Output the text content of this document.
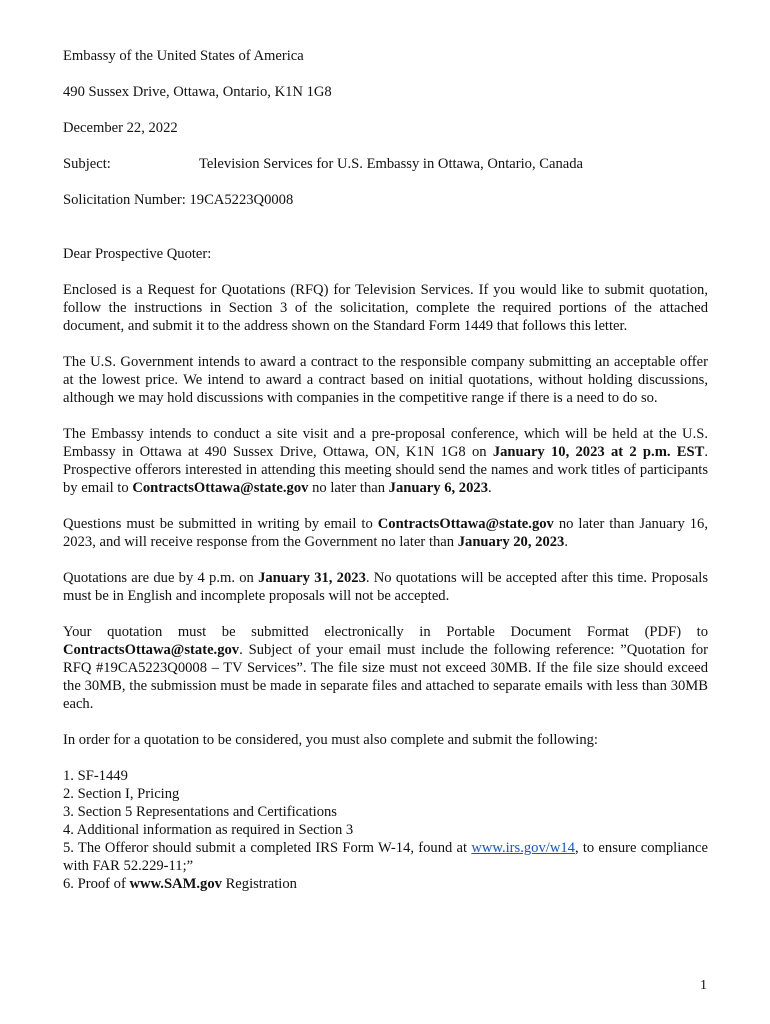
Embassy of the United States of America

490 Sussex Drive, Ottawa, Ontario, K1N 1G8

December 22, 2022

Subject:	Television Services for U.S. Embassy in Ottawa, Ontario, Canada
Solicitation Number:
19CA5223Q0008

Dear Prospective Quoter:

Enclosed is a Request for Quotations (RFQ) for Television Services. If you would like to submit quotation, follow the instructions in Section 3 of the solicitation, complete the required portions of the attached document, and submit it to the address shown on the Standard Form 1449 that follows this letter.

The U.S. Government intends to award a contract to the responsible company submitting an acceptable offer at the lowest price. We intend to award a contract based on initial quotations, without holding discussions, although we may hold discussions with companies in the competitive range if there is a need to do so.

The Embassy intends to conduct a site visit and a pre-proposal conference, which will be held at the U.S. Embassy in Ottawa at 490 Sussex Drive, Ottawa, ON, K1N 1G8 on January 10, 2023 at 2 p.m. EST. Prospective offerors interested in attending this meeting should send the names and work titles of participants by email to ContractsOttawa@state.gov no later than January 6, 2023.

Questions must be submitted in writing by email to ContractsOttawa@state.gov no later than January 16, 2023, and will receive response from the Government no later than January 20, 2023.

Quotations are due by 4 p.m. on January 31, 2023. No quotations will be accepted after this time. Proposals must be in English and incomplete proposals will not be accepted.

Your quotation must be submitted electronically in Portable Document Format (PDF) to ContractsOttawa@state.gov. Subject of your email must include the following reference: ”Quotation for RFQ #19CA5223Q0008 – TV Services”. The file size must not exceed 30MB. If the file size should exceed the 30MB, the submission must be made in separate files and attached to separate emails with less than 30MB each.

In order for a quotation to be considered, you must also complete and submit the following:

1. SF-1449
2. Section I, Pricing
3. Section 5 Representations and Certifications
4. Additional information as required in Section 3
5. The Offeror should submit a completed IRS Form W-14, found at www.irs.gov/w14, to ensure compliance with FAR 52.229-11;”
6. Proof of www.SAM.gov Registration
1
